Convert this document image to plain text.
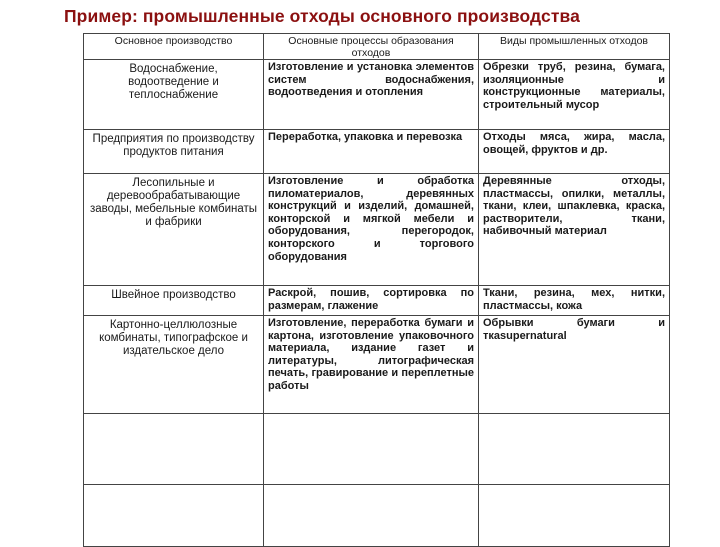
Пример: промышленные отходы основного производства
Основное производство	Основные процессы образования отходов	Виды промышленных отходов
Водоснабжение, водоотведение и теплоснабжение	Изготовление и установка элементов систем водоснабжения, водоотведения и отопления	Обрезки труб, резина, бумага, изоляционные и конструкционные материалы, строительный мусор
Предприятия по производству продуктов питания	Переработка, упаковка и перевозка	Отходы мяса, жира, масла, овощей, фруктов и др.
Лесопильные и деревообрабатывающие заводы, мебельные комбинаты и фабрики	Изготовление и обработка пиломатериалов, деревянных конструкций и изделий, домашней, конторской и мягкой мебели и оборудования, перегородок, конторского и торгового оборудования	Деревянные отходы, пластмассы, опилки, металлы, ткани, клеи, шпаклевка, краска, растворители, ткани, набивочный материал
Швейное производство	Раскрой, пошив, сортировка по размерам, глажение	Ткани, резина, мех, нитки, пластмассы, кожа
Картонно-целлюлозные комбинаты, типографское и издательское дело	Изготовление, переработка бумаги и картона, изготовление упаковочного материала, издание газет и литературы, литографическая печать, гравирование и переплетные работы	Обрывки бумаги и ткаsupernatural
